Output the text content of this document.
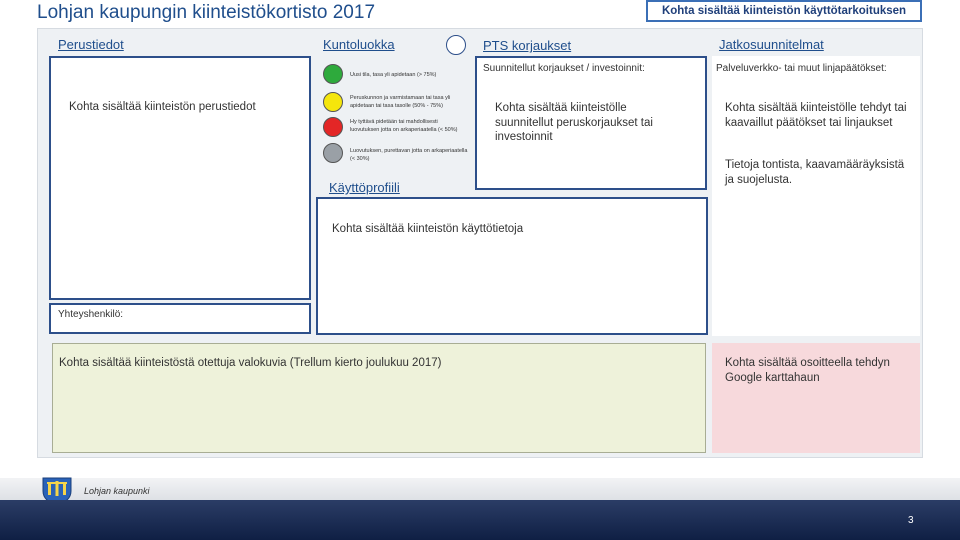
Lohjan kaupungin kiinteistökortisto 2017	Kohta sisältää kiinteistön käyttötarkoituksen
Perustiedot
Kohta sisältää kiinteistön perustiedot
Kuntoluokka
Uusi tila, tasa yli apidetaan (> 75%)
Peruskunnon ja varmistamaan tai tasa yli apidetaan tai tasa tasolle (50% - 75%)
Hy tyttävä pidetään tai mahdollisesti luovutuksen jotta on arkaperiaatella (< 50%)
Luovutuksen, purettavan jotta on arkaperiaatella (< 30%)
PTS korjaukset
Suunnitellut korjaukset / investoinnit:
Kohta sisältää kiinteistölle suunnitellut peruskorjaukset tai investoinnit
Jatkosuunnitelmat
Palveluverkko- tai muut linjapäätökset:
Kohta sisältää kiinteistölle tehdyt tai kaavaillut päätökset tai linjaukset
Tietoja tontista, kaavamääräyksistä ja suojelusta.
Käyttöprofiili
Kohta sisältää kiinteistön käyttötietoja
Yhteyshenkilö:
Kohta sisältää kiinteistöstä otettuja valokuvia (Trellum kierto joulukuu 2017)	Kohta sisältää osoitteella tehdyn Google karttahaun
Lohjan kaupunki
3
